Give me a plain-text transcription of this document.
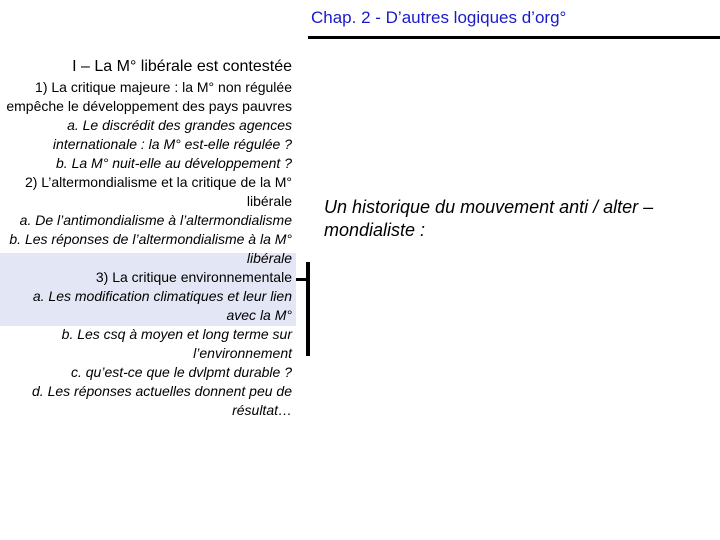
Chap. 2 - D’autres logiques d’org°
I – La M° libérale est contestée
1) La critique majeure : la M° non régulée empêche le développement des pays pauvres
a. Le discrédit des grandes agences internationale : la M° est-elle régulée ?
b. La M° nuit-elle au développement ?
2) L’altermondialisme et la critique de la M° libérale
a. De l’antimondialisme à l’altermondialisme
b. Les réponses de l’altermondialisme à la M° libérale
3) La critique environnementale
a. Les modification climatiques et leur lien avec la M°
b. Les csq à moyen et long terme sur l’environnement
c. qu’est-ce que le dvlpmt durable ?
d. Les réponses actuelles donnent peu de résultat…
Un historique du mouvement anti / alter – mondialiste :
